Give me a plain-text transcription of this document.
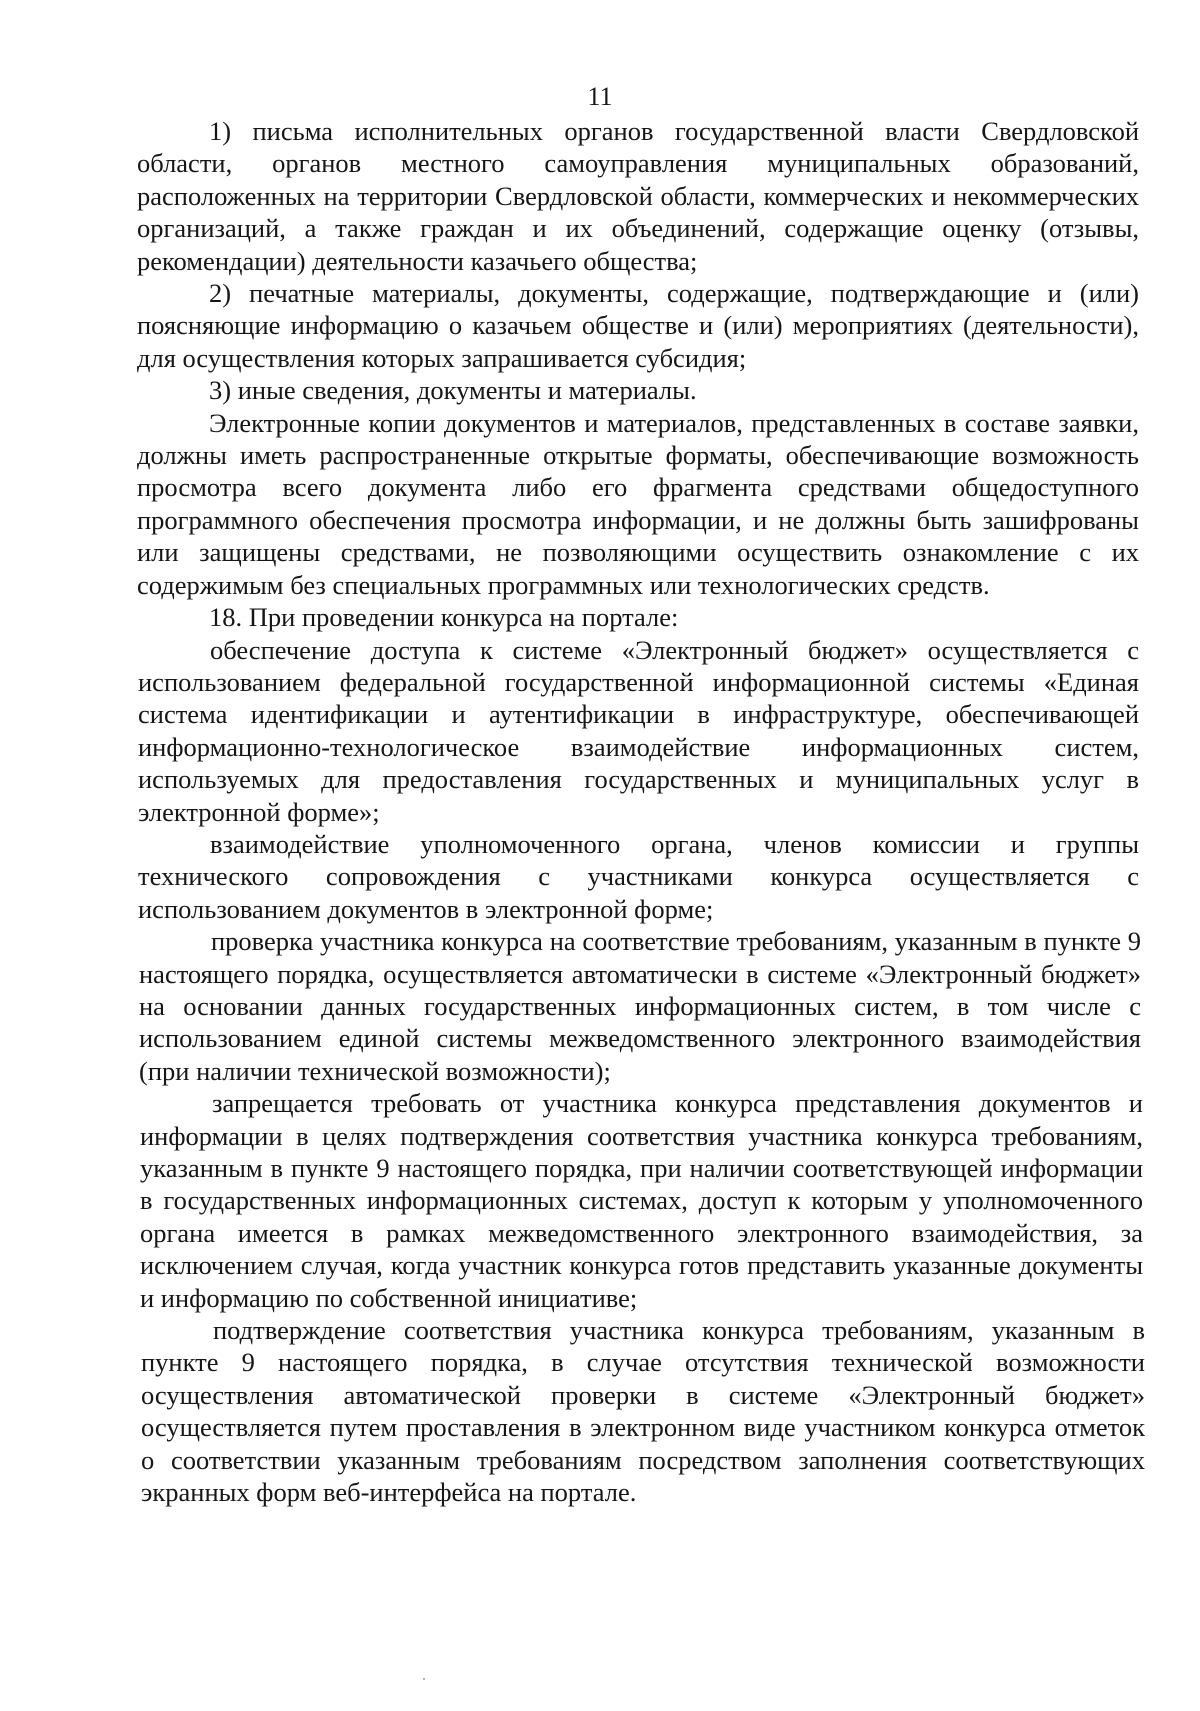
11

1) письма исполнительных органов государственной власти Свердловской области, органов местного самоуправления муниципальных образований, расположенных на территории Свердловской области, коммерческих и некоммерческих организаций, а также граждан и их объединений, содержащие оценку (отзывы, рекомендации) деятельности казачьего общества;

2) печатные материалы, документы, содержащие, подтверждающие и (или) поясняющие информацию о казачьем обществе и (или) мероприятиях (деятельности), для осуществления которых запрашивается субсидия;

3) иные сведения, документы и материалы.

Электронные копии документов и материалов, представленных в составе заявки, должны иметь распространенные открытые форматы, обеспечивающие возможность просмотра всего документа либо его фрагмента средствами общедоступного программного обеспечения просмотра информации, и не должны быть зашифрованы или защищены средствами, не позволяющими осуществить ознакомление с их содержимым без специальных программных или технологических средств.

18. При проведении конкурса на портале:

обеспечение доступа к системе «Электронный бюджет» осуществляется с использованием федеральной государственной информационной системы «Единая система идентификации и аутентификации в инфраструктуре, обеспечивающей информационно-технологическое взаимодействие информационных систем, используемых для предоставления государственных и муниципальных услуг в электронной форме»;

взаимодействие уполномоченного органа, членов комиссии и группы технического сопровождения с участниками конкурса осуществляется с использованием документов в электронной форме;

проверка участника конкурса на соответствие требованиям, указанным в пункте 9 настоящего порядка, осуществляется автоматически в системе «Электронный бюджет» на основании данных государственных информационных систем, в том числе с использованием единой системы межведомственного электронного взаимодействия (при наличии технической возможности);

запрещается требовать от участника конкурса представления документов и информации в целях подтверждения соответствия участника конкурса требованиям, указанным в пункте 9 настоящего порядка, при наличии соответствующей информации в государственных информационных системах, доступ к которым у уполномоченного органа имеется в рамках межведомственного электронного взаимодействия, за исключением случая, когда участник конкурса готов представить указанные документы и информацию по собственной инициативе;

подтверждение соответствия участника конкурса требованиям, указанным в пункте 9 настоящего порядка, в случае отсутствия технической возможности осуществления автоматической проверки в системе «Электронный бюджет» осуществляется путем проставления в электронном виде участником конкурса отметок о соответствии указанным требованиям посредством заполнения соответствующих экранных форм веб-интерфейса на портале.
